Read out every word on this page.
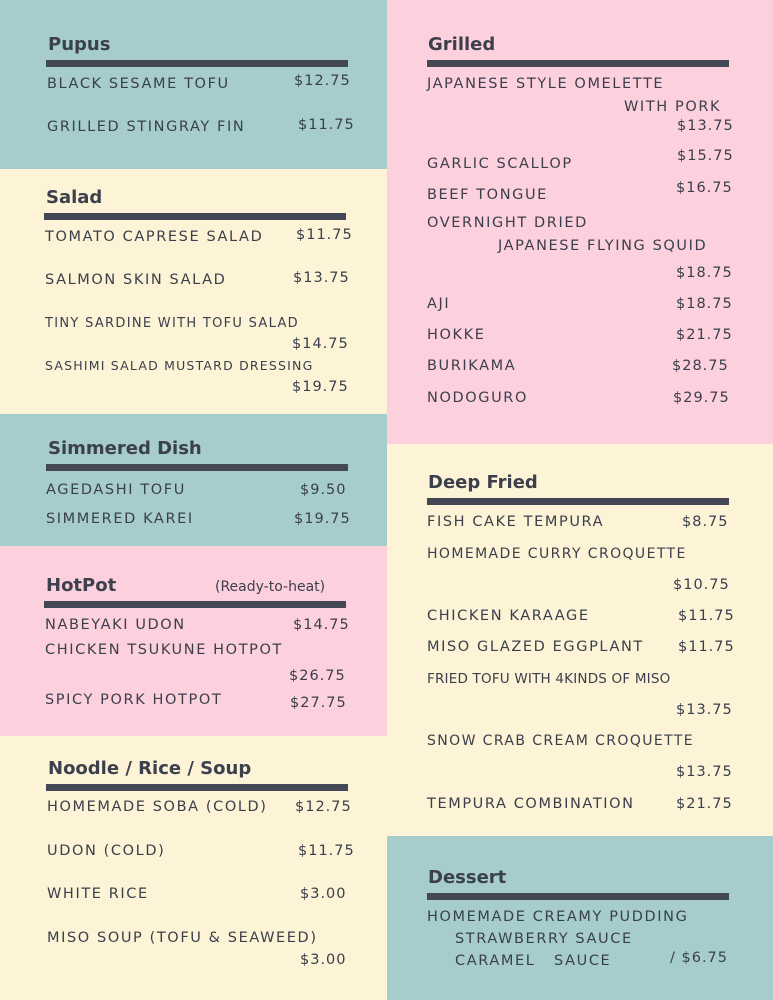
Pupus
BLACK SESAME TOFU	$12.75
GRILLED STINGRAY FIN	$11.75
Salad
TOMATO CAPRESE SALAD $11.75
SALMON SKIN SALAD	$13.75
TINY SARDINE WITH TOFU SALAD
$14.75
SASHIMI SALAD MUSTARD DRESSING
$19.75
Simmered Dish
AGEDASHI TOFU	$9.50
SIMMERED KAREI	$19.75
HotPot	(Ready-to-heat)
NABEYAKI UDON	$14.75
CHICKEN TSUKUNE HOTPOT
$26.75
SPICY PORK HOTPOT	$27.75
Noodle / Rice / Soup
HOMEMADE SOBA (COLD) $12.75
UDON (COLD)	$11.75
WHITE RICE	$3.00
MISO SOUP (TOFU & SEAWEED)
$3.00
Grilled
JAPANESE STYLE OMELETTE
WITH PORK
$13.75
GARLIC SCALLOP	$15.75
BEEF TONGUE	$16.75
OVERNIGHT DRIED
JAPANESE FLYING SQUID
$18.75
AJI	$18.75
HOKKE	$21.75
BURIKAMA	$28.75
NODOGURO	$29.75
Deep Fried
FISH CAKE TEMPURA	$8.75
HOMEMADE CURRY CROQUETTE
$10.75
CHICKEN KARAAGE	$11.75
MISO GLAZED EGGPLANT $11.75
FRIED TOFU WITH 4KINDS OF MISO
$13.75
SNOW CRAB CREAM CROQUETTE
$13.75
TEMPURA COMBINATION	$21.75
Dessert
HOMEMADE CREAMY PUDDING
STRAWBERRY SAUCE
CARAMEL   SAUCE	/ $6.75
